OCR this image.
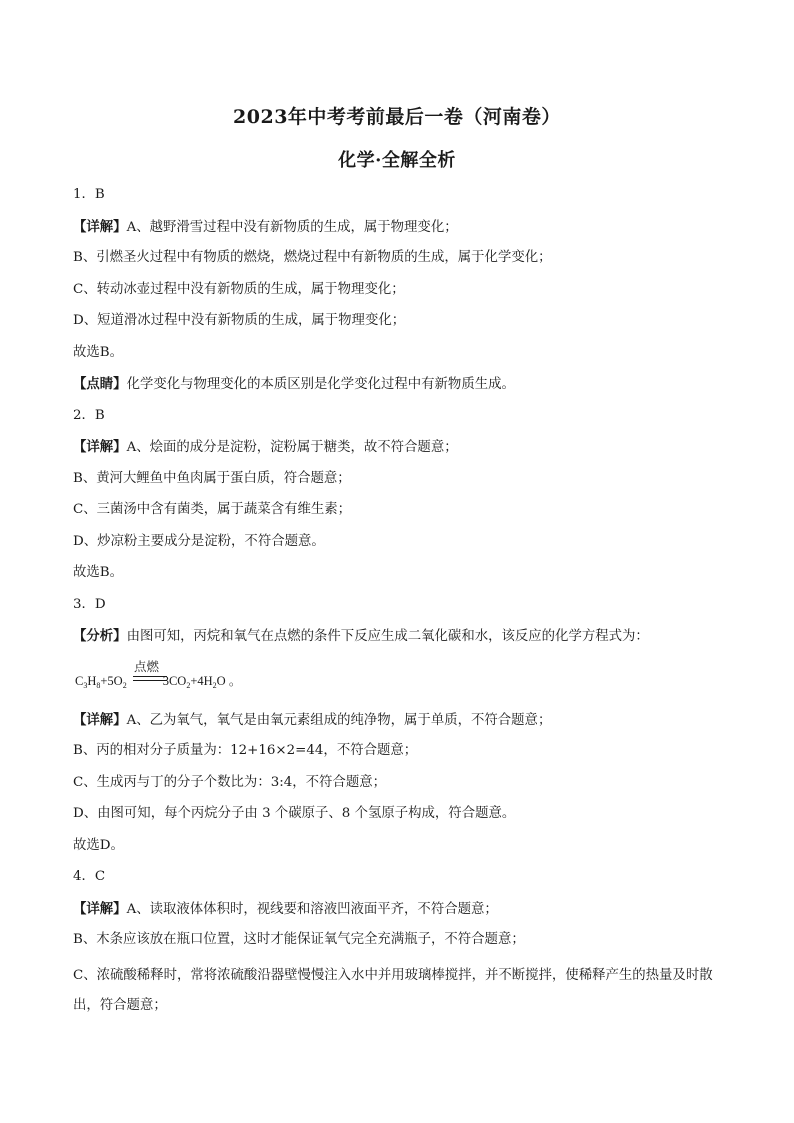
2023年中考考前最后一卷（河南卷）
化学·全解全析
1．B
【详解】A、越野滑雪过程中没有新物质的生成，属于物理变化；
B、引燃圣火过程中有物质的燃烧，燃烧过程中有新物质的生成，属于化学变化；
C、转动冰壶过程中没有新物质的生成，属于物理变化；
D、短道滑冰过程中没有新物质的生成，属于物理变化；
故选B。
【点睛】化学变化与物理变化的本质区别是化学变化过程中有新物质生成。
2．B
【详解】A、烩面的成分是淀粉，淀粉属于糖类，故不符合题意；
B、黄河大鲤鱼中鱼肉属于蛋白质，符合题意；
C、三菌汤中含有菌类，属于蔬菜含有维生素；
D、炒凉粉主要成分是淀粉，不符合题意。
故选B。
3．D
【分析】由图可知，丙烷和氧气在点燃的条件下反应生成二氧化碳和水，该反应的化学方程式为：
$C_3H_8+5O_2$	$3CO_2+4H_2O$ 。
点燃
【详解】A、乙为氧气，氧气是由氧元素组成的纯净物，属于单质，不符合题意；
B、丙的相对分子质量为：12+16×2=44，不符合题意；
C、生成丙与丁的分子个数比为：3:4，不符合题意；
D、由图可知，每个丙烷分子由 3 个碳原子、8 个氢原子构成，符合题意。
故选D。
4．C
【详解】A、读取液体体积时，视线要和溶液凹液面平齐，不符合题意；
B、木条应该放在瓶口位置，这时才能保证氧气完全充满瓶子，不符合题意；
C、浓硫酸稀释时，常将浓硫酸沿器壁慢慢注入水中并用玻璃棒搅拌，并不断搅拌，使稀释产生的热量及时散出，符合题意；
